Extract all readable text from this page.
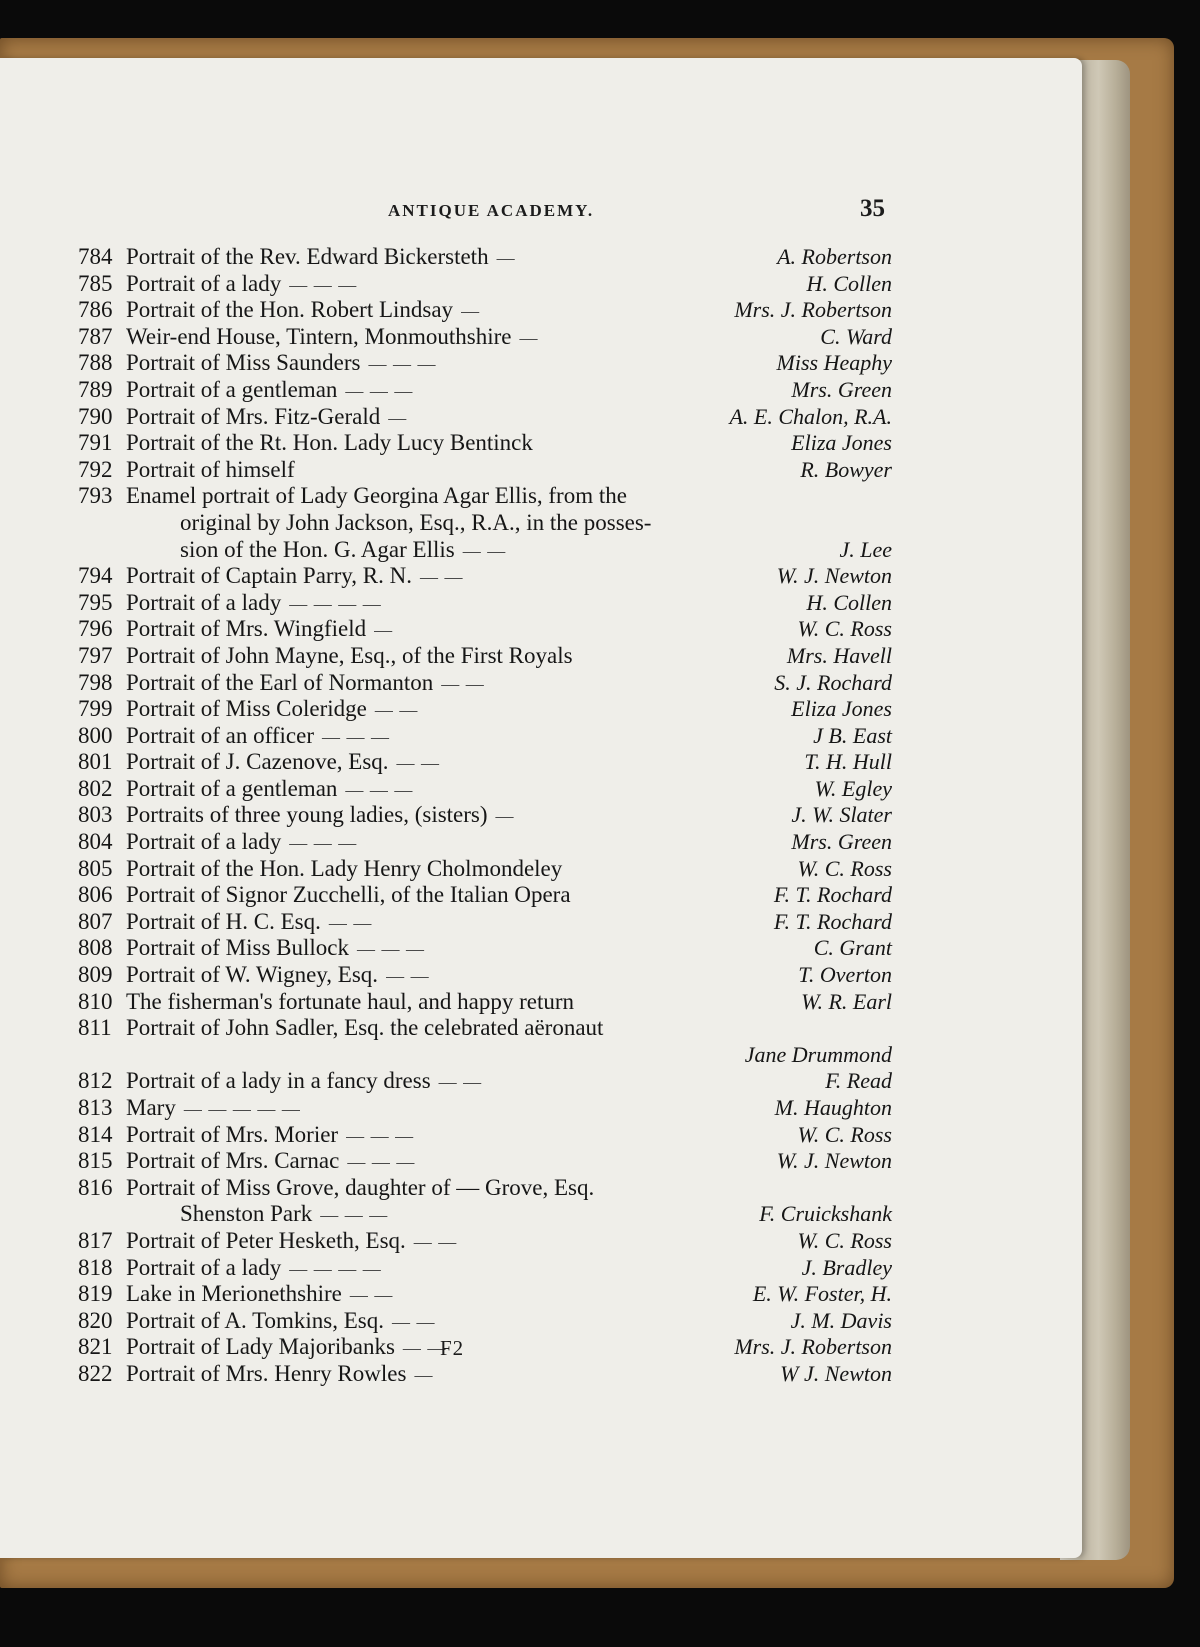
ANTIQUE ACADEMY.	35
784 Portrait of the Rev. Edward Bickersteth —	A. Robertson
785 Portrait of a lady — — —	H. Collen
786 Portrait of the Hon. Robert Lindsay —	Mrs. J. Robertson
787 Weir-end House, Tintern, Monmouthshire —	C. Ward
788 Portrait of Miss Saunders — — —	Miss Heaphy
789 Portrait of a gentleman — — —	Mrs. Green
790 Portrait of Mrs. Fitz-Gerald —	A. E. Chalon, R.A.
791 Portrait of the Rt. Hon. Lady Lucy Bentinck	Eliza Jones
792 Portrait of himself	R. Bowyer
793 Enamel portrait of Lady Georgina Agar Ellis, from the
original by John Jackson, Esq., R.A., in the posses-
sion of the Hon. G. Agar Ellis — —	J. Lee
794 Portrait of Captain Parry, R. N. — —	W. J. Newton
795 Portrait of a lady — — — —	H. Collen
796 Portrait of Mrs. Wingfield —	W. C. Ross
797 Portrait of John Mayne, Esq., of the First Royals	Mrs. Havell
798 Portrait of the Earl of Normanton — —	S. J. Rochard
799 Portrait of Miss Coleridge — —	Eliza Jones
800 Portrait of an officer — — —	J B. East
801 Portrait of J. Cazenove, Esq. — —	T. H. Hull
802 Portrait of a gentleman — — —	W. Egley
803 Portraits of three young ladies, (sisters) —	J. W. Slater
804 Portrait of a lady — — —	Mrs. Green
805 Portrait of the Hon. Lady Henry Cholmondeley	W. C. Ross
806 Portrait of Signor Zucchelli, of the Italian Opera	F. T. Rochard
807 Portrait of H. C. Esq. — —	F. T. Rochard
808 Portrait of Miss Bullock — — —	C. Grant
809 Portrait of W. Wigney, Esq. — —	T. Overton
810 The fisherman's fortunate haul, and happy return	W. R. Earl
811 Portrait of John Sadler, Esq. the celebrated aëronaut
Jane Drummond
812 Portrait of a lady in a fancy dress — —	F. Read
813 Mary — — — — —	M. Haughton
814 Portrait of Mrs. Morier — — —	W. C. Ross
815 Portrait of Mrs. Carnac — — —	W. J. Newton
816 Portrait of Miss Grove, daughter of — Grove, Esq.
Shenston Park — — —	F. Cruickshank
817 Portrait of Peter Hesketh, Esq. — —	W. C. Ross
818 Portrait of a lady — — — —	J. Bradley
819 Lake in Merionethshire — —	E. W. Foster, H.
820 Portrait of A. Tomkins, Esq. — —	J. M. Davis
821 Portrait of Lady Majoribanks — —	Mrs. J. Robertson
822 Portrait of Mrs. Henry Rowles —	W J. Newton
F2
